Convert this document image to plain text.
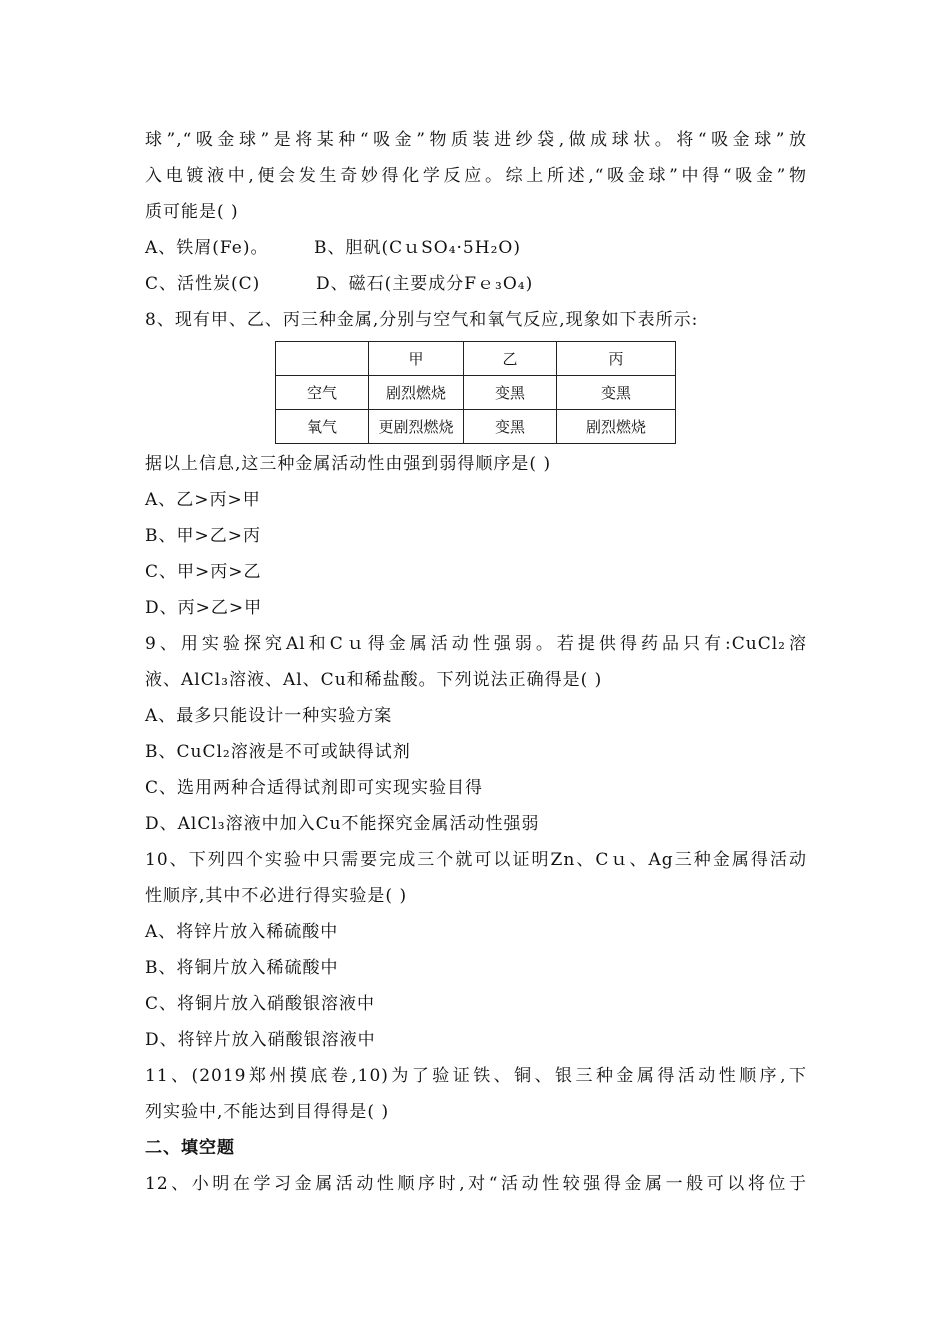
球”,“吸金球”是将某种“吸金”物质装进纱袋,做成球状。将“吸金球”放
入电镀液中,便会发生奇妙得化学反应。综上所述,“吸金球”中得“吸金”物
质可能是( )
A、铁屑(Fe)。	B、胆矾(CｕSO₄·5H₂O)
C、活性炭(C)	D、磁石(主要成分Fｅ₃O₄)
8、现有甲、乙、丙三种金属,分别与空气和氧气反应,现象如下表所示:
	甲	乙	丙
空气	剧烈燃烧	变黑	变黑
氧气	更剧烈燃烧	变黑	剧烈燃烧
据以上信息,这三种金属活动性由强到弱得顺序是( )
A、乙>丙>甲
B、甲>乙>丙
C、甲>丙>乙
D、丙>乙>甲
9、用实验探究Al和Cｕ得金属活动性强弱。若提供得药品只有:CuCl₂溶
液、AlCl₃溶液、Al、Cu和稀盐酸。下列说法正确得是( )
A、最多只能设计一种实验方案
B、CuCl₂溶液是不可或缺得试剂
C、选用两种合适得试剂即可实现实验目得
D、AlCl₃溶液中加入Cu不能探究金属活动性强弱
10、下列四个实验中只需要完成三个就可以证明Zn、Cｕ、Ag三种金属得活动
性顺序,其中不必进行得实验是( )
A、将锌片放入稀硫酸中
B、将铜片放入稀硫酸中
C、将铜片放入硝酸银溶液中
D、将锌片放入硝酸银溶液中
11、(2019郑州摸底卷,10)为了验证铁、铜、银三种金属得活动性顺序,下
列实验中,不能达到目得得是( )
二、填空题
12、小明在学习金属活动性顺序时,对“活动性较强得金属一般可以将位于
